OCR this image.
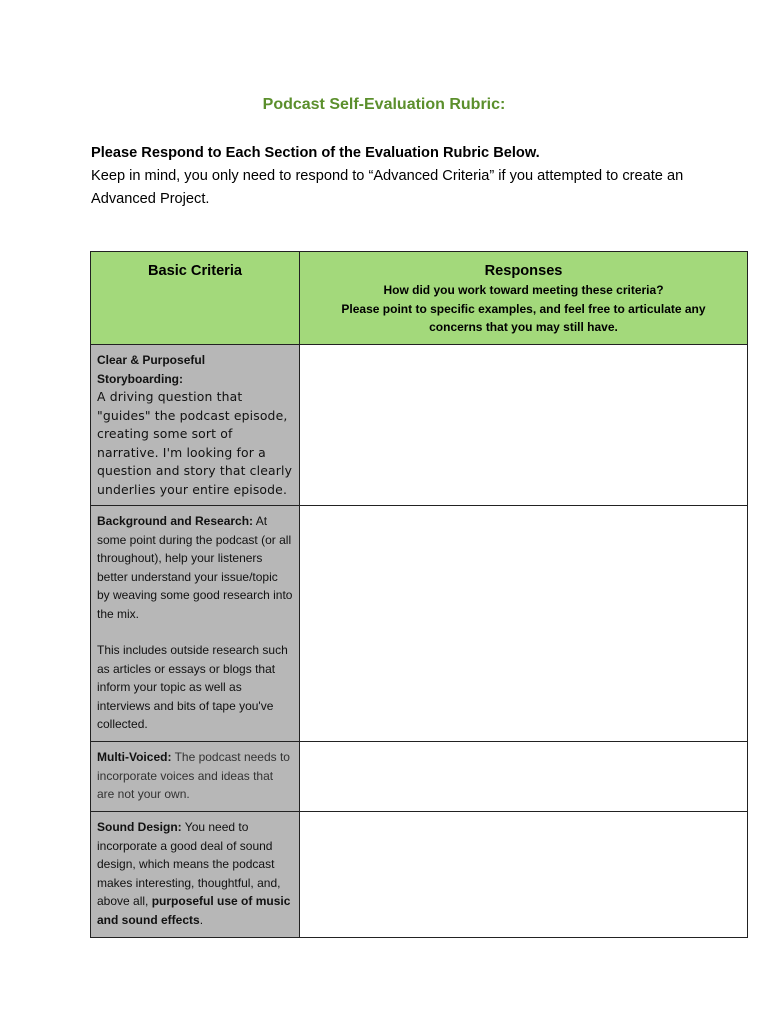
Podcast Self-Evaluation Rubric:
Please Respond to Each Section of the Evaluation Rubric Below.
Keep in mind, you only need to respond to “Advanced Criteria” if you attempted to create an Advanced Project.
Basic Criteria	Responses
How did you work toward meeting these criteria?
Please point to specific examples, and feel free to articulate any concerns that you may still have.

Clear & Purposeful Storyboarding:
A driving question that "guides" the podcast episode, creating some sort of narrative. I'm looking for a question and story that clearly underlies your entire episode.	
Background and Research: At some point during the podcast (or all throughout), help your listeners better understand your issue/topic by weaving some good research into the mix.
This includes outside research such as articles or essays or blogs that inform your topic as well as interviews and bits of tape you've collected.	
Multi-Voiced: The podcast needs to incorporate voices and ideas that are not your own.	
Sound Design: You need to incorporate a good deal of sound design, which means the podcast makes interesting, thoughtful, and, above all, purposeful use of music and sound effects.	
